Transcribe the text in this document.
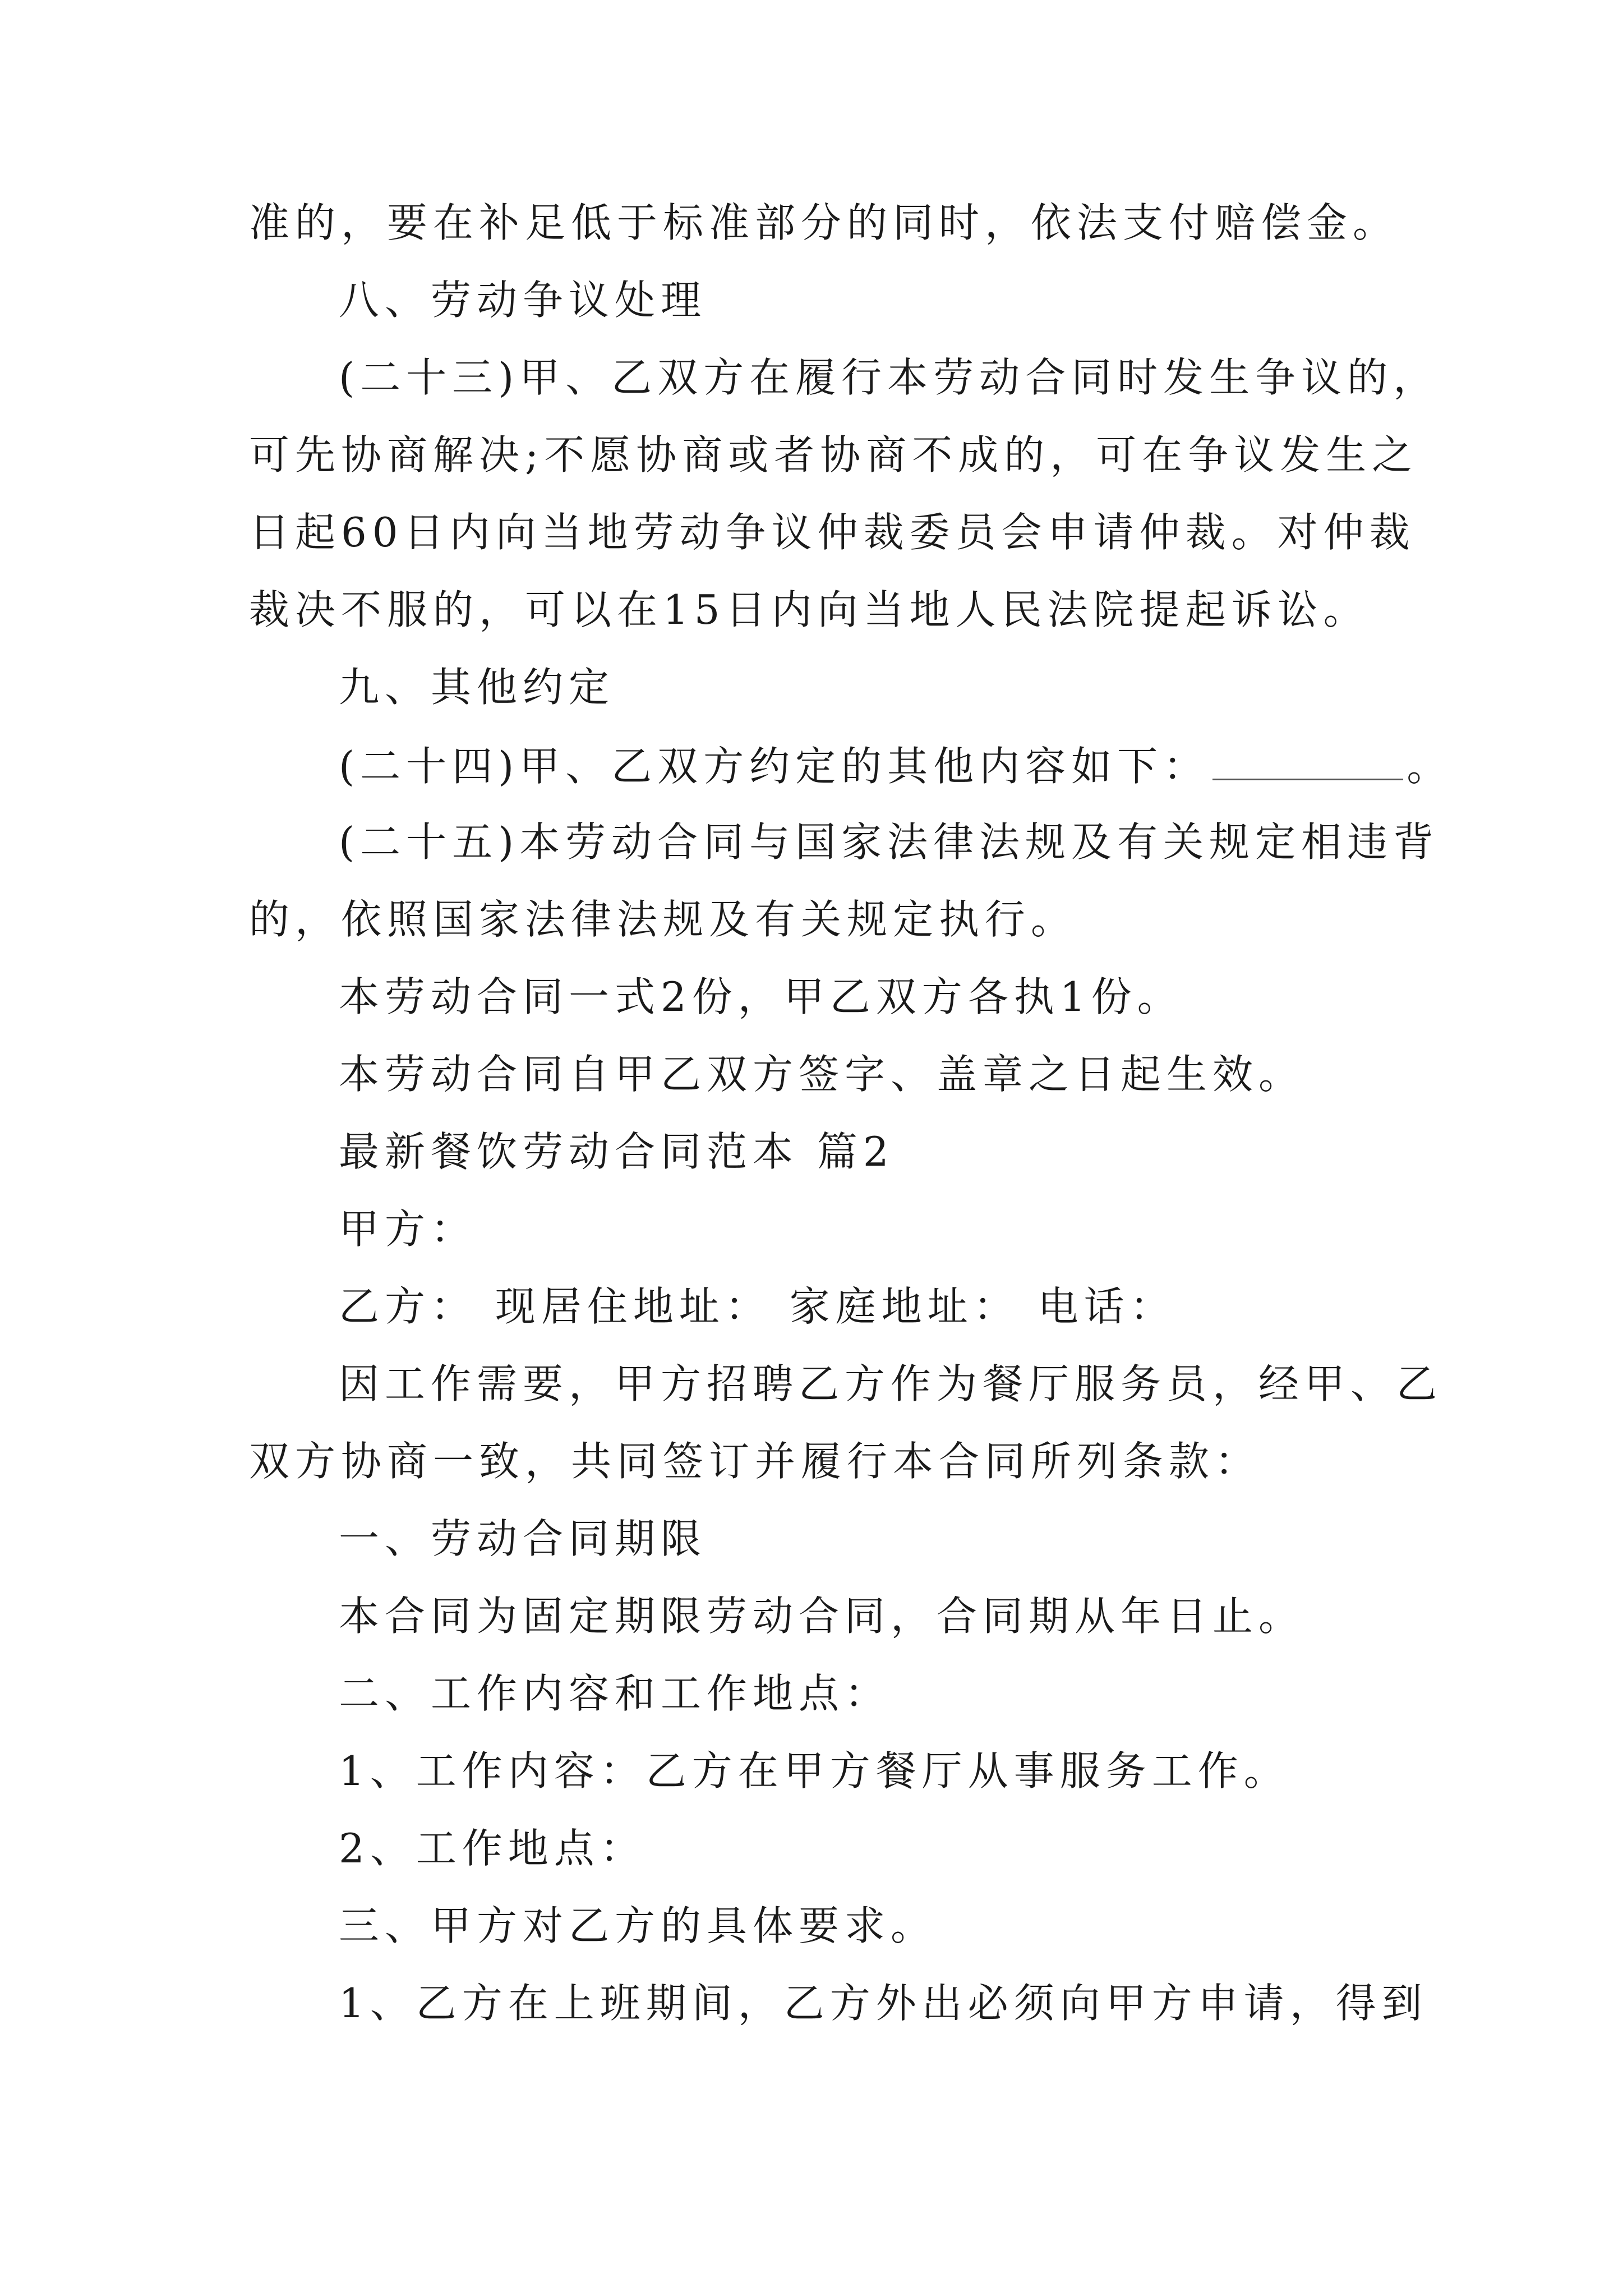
准的，要在补足低于标准部分的同时，依法支付赔偿金。

八、劳动争议处理

(二十三)甲、乙双方在履行本劳动合同时发生争议的，

可先协商解决;不愿协商或者协商不成的，可在争议发生之

日起60日内向当地劳动争议仲裁委员会申请仲裁。对仲裁

裁决不服的，可以在15日内向当地人民法院提起诉讼。

九、其他约定

(二十四)甲、乙双方约定的其他内容如下：	。

(二十五)本劳动合同与国家法律法规及有关规定相违背

的，依照国家法律法规及有关规定执行。

本劳动合同一式2份，甲乙双方各执1份。

本劳动合同自甲乙双方签字、盖章之日起生效。

最新餐饮劳动合同范本 篇2

甲方：

乙方： 现居住地址： 家庭地址： 电话：

因工作需要，甲方招聘乙方作为餐厅服务员，经甲、乙

双方协商一致，共同签订并履行本合同所列条款：

一、劳动合同期限

本合同为固定期限劳动合同，合同期从年日止。

二、工作内容和工作地点：

1、工作内容：乙方在甲方餐厅从事服务工作。

2、工作地点：

三、甲方对乙方的具体要求。

1、乙方在上班期间，乙方外出必须向甲方申请，得到
